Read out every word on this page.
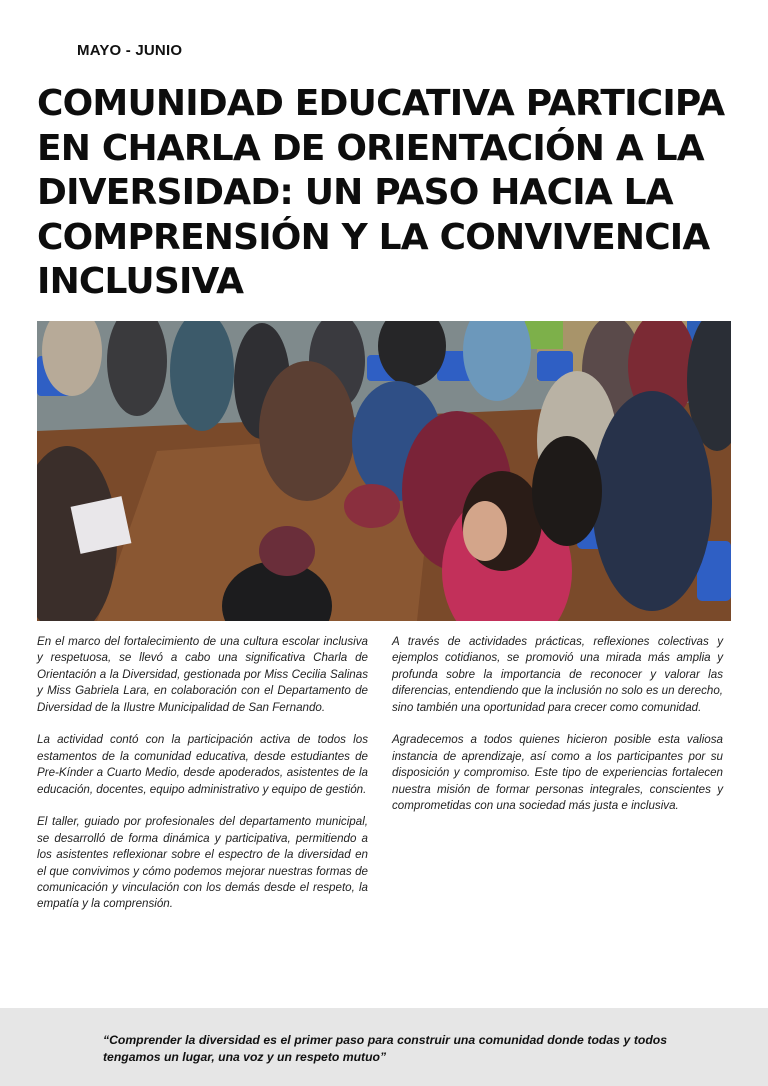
MAYO - JUNIO
COMUNIDAD EDUCATIVA PARTICIPA EN CHARLA DE ORIENTACIÓN A LA DIVERSIDAD: UN PASO HACIA LA COMPRENSIÓN Y LA CONVIVENCIA INCLUSIVA

En el marco del fortalecimiento de una cultura escolar inclusiva y respetuosa, se llevó a cabo una significativa Charla de Orientación a la Diversidad, gestionada por Miss Cecilia Salinas y Miss Gabriela Lara, en colaboración con el Departamento de Diversidad de la Ilustre Municipalidad de San Fernando.

La actividad contó con la participación activa de todos los estamentos de la comunidad educativa, desde estudiantes de Pre-Kínder a Cuarto Medio, desde apoderados, asistentes de la educación, docentes, equipo administrativo y equipo de gestión.

El taller, guiado por profesionales del departamento municipal, se desarrolló de forma dinámica y participativa, permitiendo a los asistentes reflexionar sobre el espectro de la diversidad en el que convivimos y cómo podemos mejorar nuestras formas de comunicación y vinculación con los demás desde el respeto, la empatía y la comprensión.

A través de actividades prácticas, reflexiones colectivas y ejemplos cotidianos, se promovió una mirada más amplia y profunda sobre la importancia de reconocer y valorar las diferencias, entendiendo que la inclusión no solo es un derecho, sino también una oportunidad para crecer como comunidad.

Agradecemos a todos quienes hicieron posible esta valiosa instancia de aprendizaje, así como a los participantes por su disposición y compromiso. Este tipo de experiencias fortalecen nuestra misión de formar personas integrales, conscientes y comprometidas con una sociedad más justa e inclusiva.

“Comprender la diversidad es el primer paso para construir una comunidad donde todas y todos tengamos un lugar, una voz y un respeto mutuo”
